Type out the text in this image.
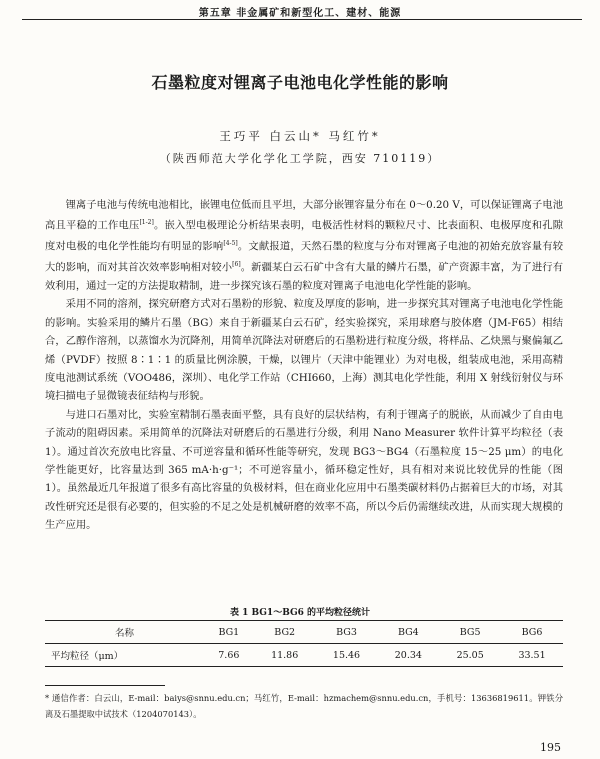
第五章 非金属矿和新型化工、建材、能源
石墨粒度对锂离子电池电化学性能的影响
王巧平 白云山* 马红竹*
（陕西师范大学化学化工学院，西安 710119）

锂离子电池与传统电池相比，嵌锂电位低而且平坦，大部分嵌锂容量分布在 0～0.20 V，可以保证锂离子电池高且平稳的工作电压[1-2]。嵌入型电极理论分析结果表明，电极活性材料的颗粒尺寸、比表面积、电极厚度和孔隙度对电极的电化学性能均有明显的影响[4-5]。文献报道，天然石墨的粒度与分布对锂离子电池的初始充放容量有较大的影响，而对其首次效率影响相对较小[6]。新疆某白云石矿中含有大量的鳞片石墨，矿产资源丰富，为了进行有效利用，通过一定的方法提取精制，进一步探究该石墨的粒度对锂离子电池电化学性能的影响。

采用不同的溶剂，探究研磨方式对石墨粉的形貌、粒度及厚度的影响，进一步探究其对锂离子电池电化学性能的影响。实验采用的鳞片石墨（BG）来自于新疆某白云石矿，经实验探究，采用球磨与胶体磨（JM-F65）相结合，乙醇作溶剂，以蒸馏水为沉降剂，用简单沉降法对研磨后的石墨粉进行粒度分级，将样品、乙炔黑与聚偏氟乙烯（PVDF）按照 8∶1∶1 的质量比例涂膜，干燥，以锂片（天津中能锂业）为对电极，组装成电池，采用高精度电池测试系统（VOO486，深圳）、电化学工作站（CHI660，上海）测其电化学性能，利用 X 射线衍射仪与环境扫描电子显微镜表征结构与形貌。

与进口石墨对比，实验室精制石墨表面平整，具有良好的层状结构，有利于锂离子的脱嵌，从而减少了自由电子流动的阻碍因素。采用简单的沉降法对研磨后的石墨进行分级，利用 Nano Measurer 软件计算平均粒径（表 1）。通过首次充放电比容量、不可逆容量和循环性能等研究，发现 BG3～BG4（石墨粒度 15～25 μm）的电化学性能更好，比容量达到 365 mA·h·g⁻¹；不可逆容量小，循环稳定性好，具有相对来说比较优异的性能（图 1）。虽然最近几年报道了很多有高比容量的负极材料，但在商业化应用中石墨类碳材料仍占据着巨大的市场，对其改性研究还是很有必要的，但实验的不足之处是机械研磨的效率不高，所以今后仍需继续改进，从而实现大规模的生产应用。

表 1 BG1～BG6 的平均粒径统计
名称	BG1	BG2	BG3	BG4	BG5	BG6
平均粒径（μm）	7.66	11.86	15.46	20.34	25.05	33.51
* 通信作者：白云山，E-mail：baiys@snnu.edu.cn；马红竹，E-mail：hzmachem@snnu.edu.cn，手机号：13636819611。钾铁分离及石墨提取中试技术（1204070143）。
195
